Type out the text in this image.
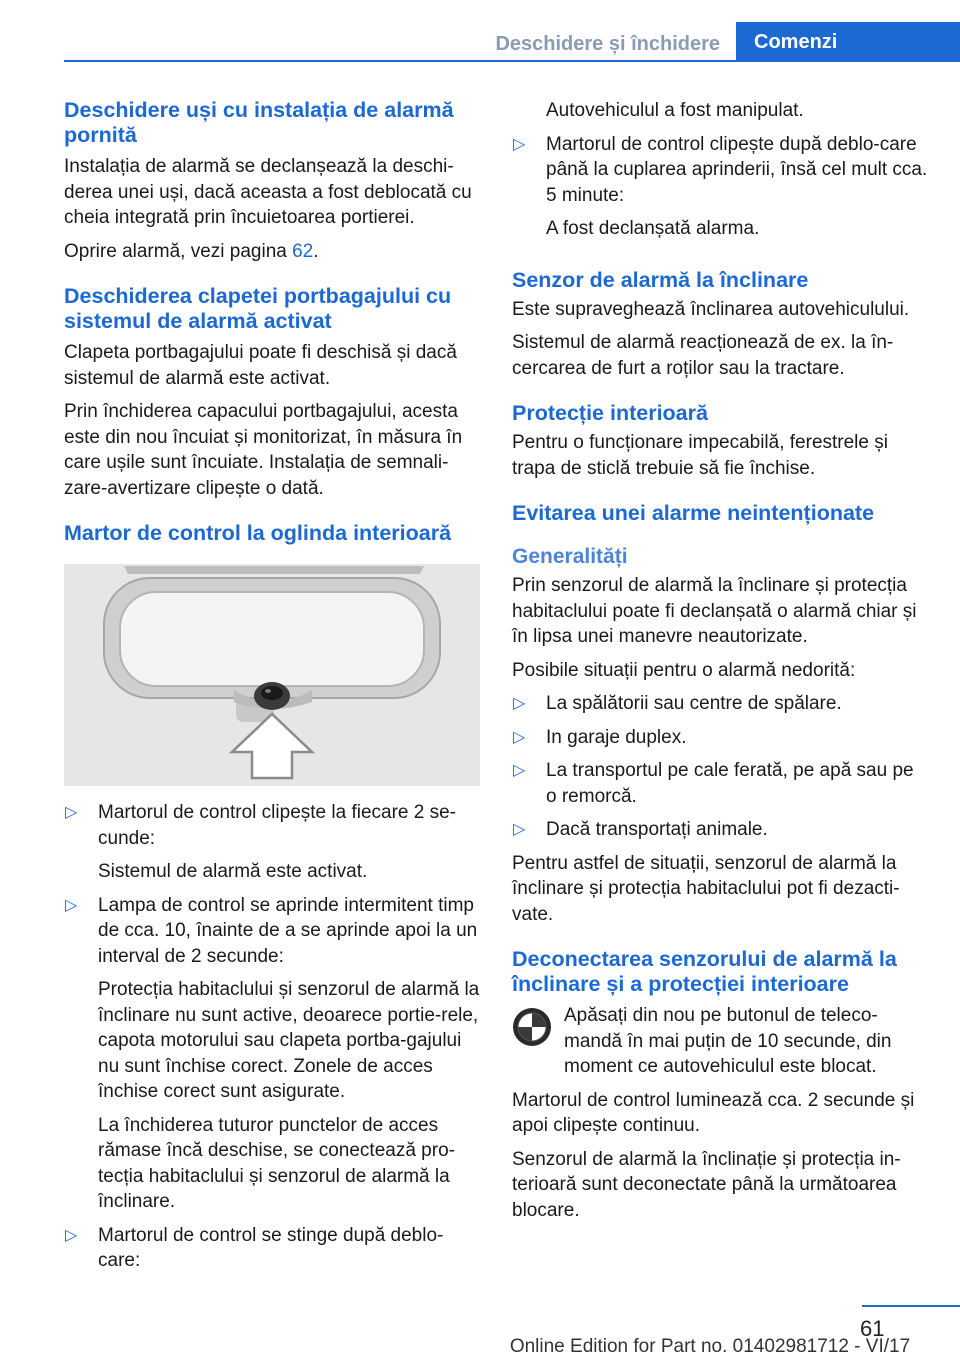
Deschidere și închidere	Comenzi
Deschidere uși cu instalația de alarmă pornită

Instalația de alarmă se declanșează la deschi‐derea unei uși, dacă aceasta a fost deblocată cu cheia integrată prin încuietoarea portierei.

Oprire alarmă, vezi pagina 62.

Deschiderea clapetei portbagajului cu sistemul de alarmă activat

Clapeta portbagajului poate fi deschisă și dacă sistemul de alarmă este activat.

Prin închiderea capacului portbagajului, acesta este din nou încuiat și monitorizat, în măsura în care ușile sunt încuiate. Instalația de semnali‐zare-avertizare clipește o dată.

Martor de control la oglinda interioară
▷ Martorul de control clipește la fiecare 2 se‐cunde:

Sistemul de alarmă este activat.

▷ Lampa de control se aprinde intermitent timp de cca. 10, înainte de a se aprinde apoi la un interval de 2 secunde:

Protecția habitaclului și senzorul de alarmă la înclinare nu sunt active, deoarece portie‐rele, capota motorului sau clapeta portba‐gajului nu sunt închise corect. Zonele de acces închise corect sunt asigurate.

La închiderea tuturor punctelor de acces rămase încă deschise, se conectează pro‐tecția habitaclului și senzorul de alarmă la înclinare.

▷ Martorul de control se stinge după deblo‐care:

Autovehiculul a fost manipulat.

▷ Martorul de control clipește după deblo‐care până la cuplarea aprinderii, însă cel mult cca. 5 minute:

A fost declanșată alarma.

Senzor de alarmă la înclinare

Este supraveghează înclinarea autovehiculului.

Sistemul de alarmă reacționează de ex. la în‐cercarea de furt a roților sau la tractare.

Protecție interioară

Pentru o funcționare impecabilă, ferestrele și trapa de sticlă trebuie să fie închise.

Evitarea unei alarme neintenționate
Generalități

Prin senzorul de alarmă la înclinare și protecția habitaclului poate fi declanșată o alarmă chiar și în lipsa unei manevre neautorizate.

Posibile situații pentru o alarmă nedorită:

▷ La spălătorii sau centre de spălare.

▷ In garaje duplex.

▷ La transportul pe cale ferată, pe apă sau pe o remorcă.

▷ Dacă transportați animale.

Pentru astfel de situații, senzorul de alarmă la înclinare și protecția habitaclului pot fi dezacti‐vate.

Deconectarea senzorului de alarmă la înclinare și a protecției interioare

Apăsați din nou pe butonul de teleco‐mandă în mai puțin de 10 secunde, din moment ce autovehiculul este blocat.

Martorul de control luminează cca. 2 secunde și apoi clipește continuu.

Senzorul de alarmă la înclinație și protecția in‐terioară sunt deconectate până la următoarea blocare.

61
Online Edition for Part no. 01402981712 - VI/17
